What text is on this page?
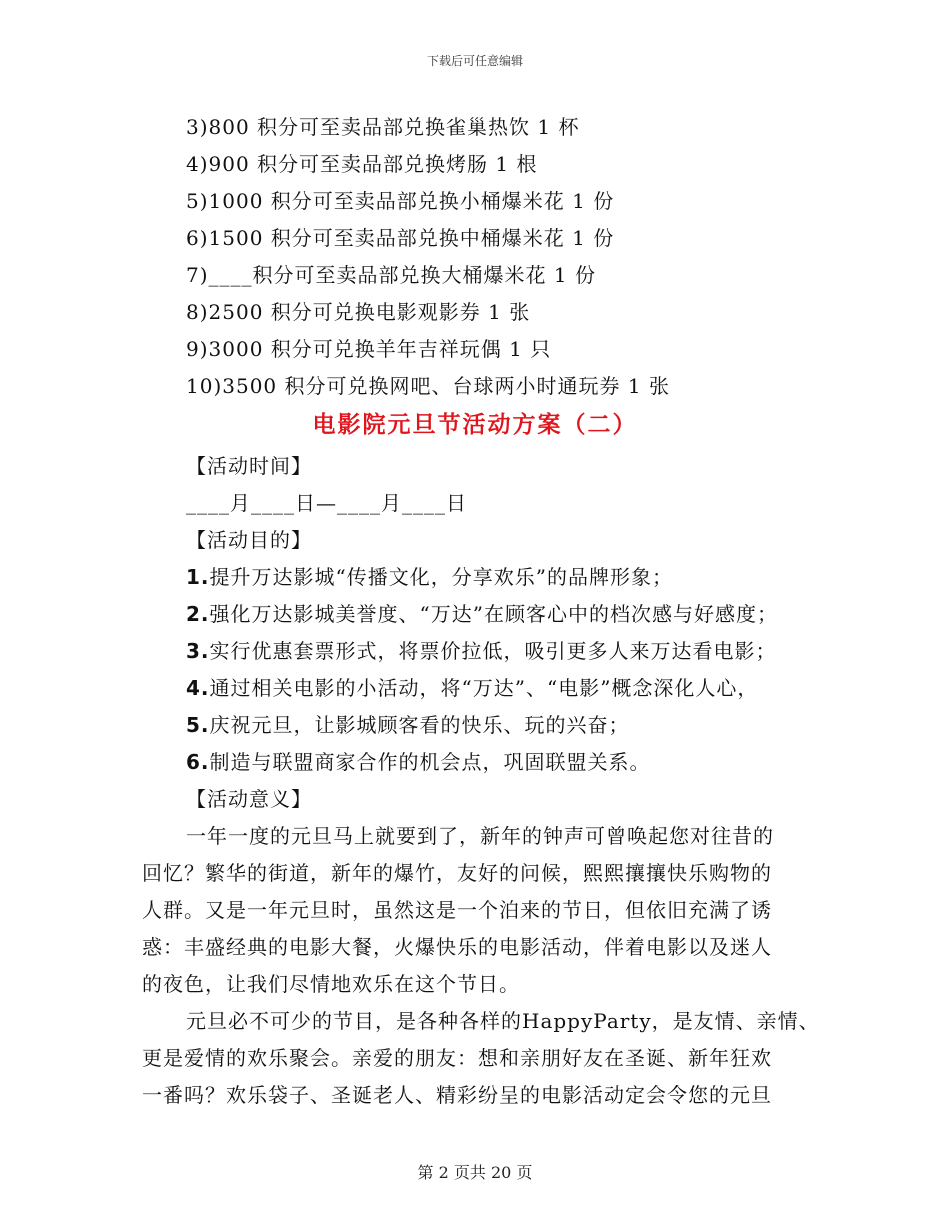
下载后可任意编辑
3)800 积分可至卖品部兑换雀巢热饮 1 杯
4)900 积分可至卖品部兑换烤肠 1 根
5)1000 积分可至卖品部兑换小桶爆米花 1 份
6)1500 积分可至卖品部兑换中桶爆米花 1 份
7)____积分可至卖品部兑换大桶爆米花 1 份
8)2500 积分可兑换电影观影券 1 张
9)3000 积分可兑换羊年吉祥玩偶 1 只
10)3500 积分可兑换网吧、台球两小时通玩券 1 张
电影院元旦节活动方案（二）
【活动时间】
____月____日—____月____日
【活动目的】
1.提升万达影城“传播文化，分享欢乐”的品牌形象；
2.强化万达影城美誉度、“万达”在顾客心中的档次感与好感度；
3.实行优惠套票形式，将票价拉低，吸引更多人来万达看电影；
4.通过相关电影的小活动，将“万达”、“电影”概念深化人心，
5.庆祝元旦，让影城顾客看的快乐、玩的兴奋；
6.制造与联盟商家合作的机会点，巩固联盟关系。
【活动意义】
一年一度的元旦马上就要到了，新年的钟声可曾唤起您对往昔的
回忆？繁华的街道，新年的爆竹，友好的问候，熙熙攘攘快乐购物的
人群。又是一年元旦时，虽然这是一个泊来的节日，但依旧充满了诱
惑：丰盛经典的电影大餐，火爆快乐的电影活动，伴着电影以及迷人
的夜色，让我们尽情地欢乐在这个节日。
元旦必不可少的节目，是各种各样的HappyParty，是友情、亲情、
更是爱情的欢乐聚会。亲爱的朋友：想和亲朋好友在圣诞、新年狂欢
一番吗？欢乐袋子、圣诞老人、精彩纷呈的电影活动定会令您的元旦
第 2 页共 20 页
